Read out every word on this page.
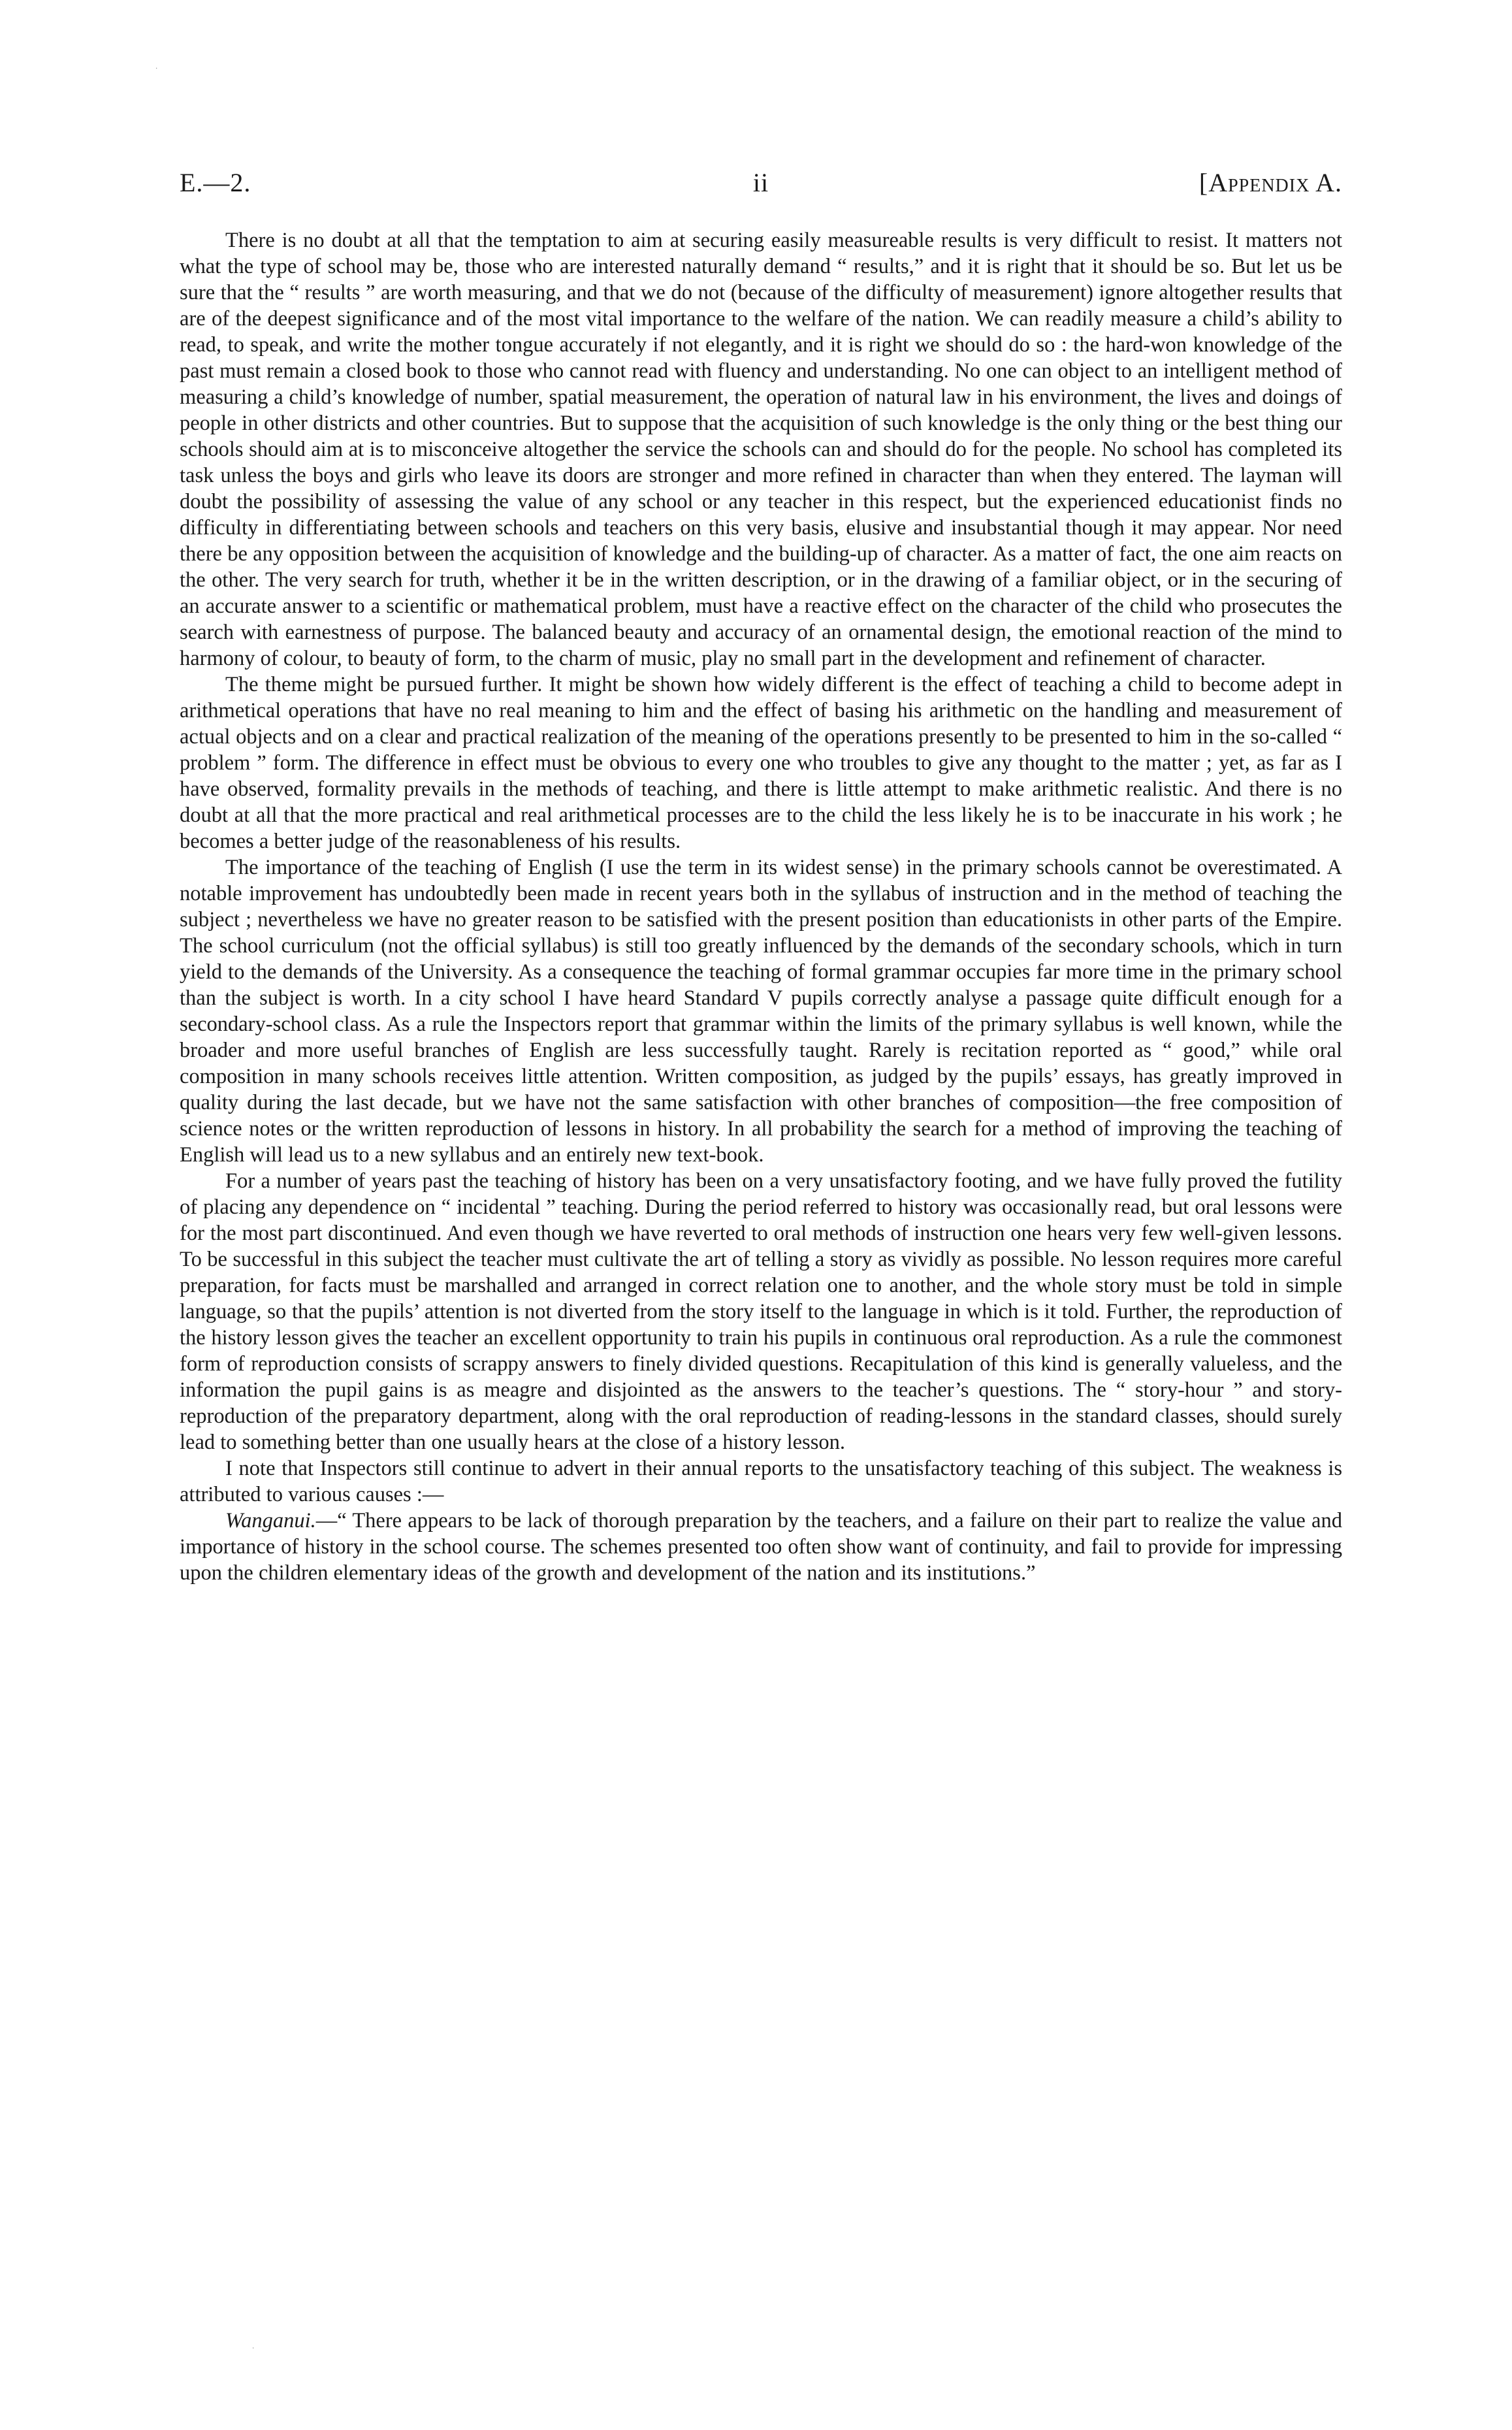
E.—2.	ii	[Appendix A.

There is no doubt at all that the temptation to aim at securing easily measureable results is very difficult to resist. It matters not what the type of school may be, those who are interested naturally demand “ results,” and it is right that it should be so. But let us be sure that the “ results ” are worth measuring, and that we do not (because of the difficulty of measurement) ignore altogether results that are of the deepest significance and of the most vital importance to the welfare of the nation. We can readily measure a child’s ability to read, to speak, and write the mother tongue accurately if not elegantly, and it is right we should do so : the hard-won knowledge of the past must remain a closed book to those who cannot read with fluency and understanding. No one can object to an intelligent method of measuring a child’s knowledge of number, spatial measurement, the operation of natural law in his environment, the lives and doings of people in other districts and other countries. But to suppose that the acquisition of such knowledge is the only thing or the best thing our schools should aim at is to misconceive altogether the service the schools can and should do for the people. No school has completed its task unless the boys and girls who leave its doors are stronger and more refined in character than when they entered. The layman will doubt the possibility of assessing the value of any school or any teacher in this respect, but the experienced educationist finds no difficulty in differentiating between schools and teachers on this very basis, elusive and insubstantial though it may appear. Nor need there be any opposition between the acquisition of knowledge and the building-up of character. As a matter of fact, the one aim reacts on the other. The very search for truth, whether it be in the written description, or in the drawing of a familiar object, or in the securing of an accurate answer to a scientific or mathematical problem, must have a reactive effect on the character of the child who prosecutes the search with earnestness of purpose. The balanced beauty and accuracy of an ornamental design, the emotional reaction of the mind to harmony of colour, to beauty of form, to the charm of music, play no small part in the development and refinement of character.

The theme might be pursued further. It might be shown how widely different is the effect of teaching a child to become adept in arithmetical operations that have no real meaning to him and the effect of basing his arithmetic on the handling and measurement of actual objects and on a clear and practical realization of the meaning of the operations presently to be presented to him in the so-called “ problem ” form. The difference in effect must be obvious to every one who troubles to give any thought to the matter ; yet, as far as I have observed, formality prevails in the methods of teaching, and there is little attempt to make arithmetic realistic. And there is no doubt at all that the more practical and real arithmetical processes are to the child the less likely he is to be inaccurate in his work ; he becomes a better judge of the reasonableness of his results.

The importance of the teaching of English (I use the term in its widest sense) in the primary schools cannot be overestimated. A notable improvement has undoubtedly been made in recent years both in the syllabus of instruction and in the method of teaching the subject ; nevertheless we have no greater reason to be satisfied with the present position than educationists in other parts of the Empire. The school curriculum (not the official syllabus) is still too greatly influenced by the demands of the secondary schools, which in turn yield to the demands of the University. As a consequence the teaching of formal grammar occupies far more time in the primary school than the subject is worth. In a city school I have heard Standard V pupils correctly analyse a passage quite difficult enough for a secondary-school class. As a rule the Inspectors report that grammar within the limits of the primary syllabus is well known, while the broader and more useful branches of English are less successfully taught. Rarely is recitation reported as “ good,” while oral composition in many schools receives little attention. Written composition, as judged by the pupils’ essays, has greatly improved in quality during the last decade, but we have not the same satisfaction with other branches of composition—the free composition of science notes or the written reproduction of lessons in history. In all probability the search for a method of improving the teaching of English will lead us to a new syllabus and an entirely new text-book.

For a number of years past the teaching of history has been on a very unsatisfactory footing, and we have fully proved the futility of placing any dependence on “ incidental ” teaching. During the period referred to history was occasionally read, but oral lessons were for the most part discontinued. And even though we have reverted to oral methods of instruction one hears very few well-given lessons. To be successful in this subject the teacher must cultivate the art of telling a story as vividly as possible. No lesson requires more careful preparation, for facts must be marshalled and arranged in correct relation one to another, and the whole story must be told in simple language, so that the pupils’ attention is not diverted from the story itself to the language in which is it told. Further, the reproduction of the history lesson gives the teacher an excellent opportunity to train his pupils in continuous oral reproduction. As a rule the commonest form of reproduction consists of scrappy answers to finely divided questions. Recapitulation of this kind is generally valueless, and the information the pupil gains is as meagre and disjointed as the answers to the teacher’s questions. The “ story-hour ” and story-reproduction of the preparatory department, along with the oral reproduction of reading-lessons in the standard classes, should surely lead to something better than one usually hears at the close of a history lesson.

I note that Inspectors still continue to advert in their annual reports to the unsatisfactory teaching of this subject. The weakness is attributed to various causes :—

Wanganui.—“ There appears to be lack of thorough preparation by the teachers, and a failure on their part to realize the value and importance of history in the school course. The schemes presented too often show want of continuity, and fail to provide for impressing upon the children elementary ideas of the growth and development of the nation and its institutions.”

·
·
